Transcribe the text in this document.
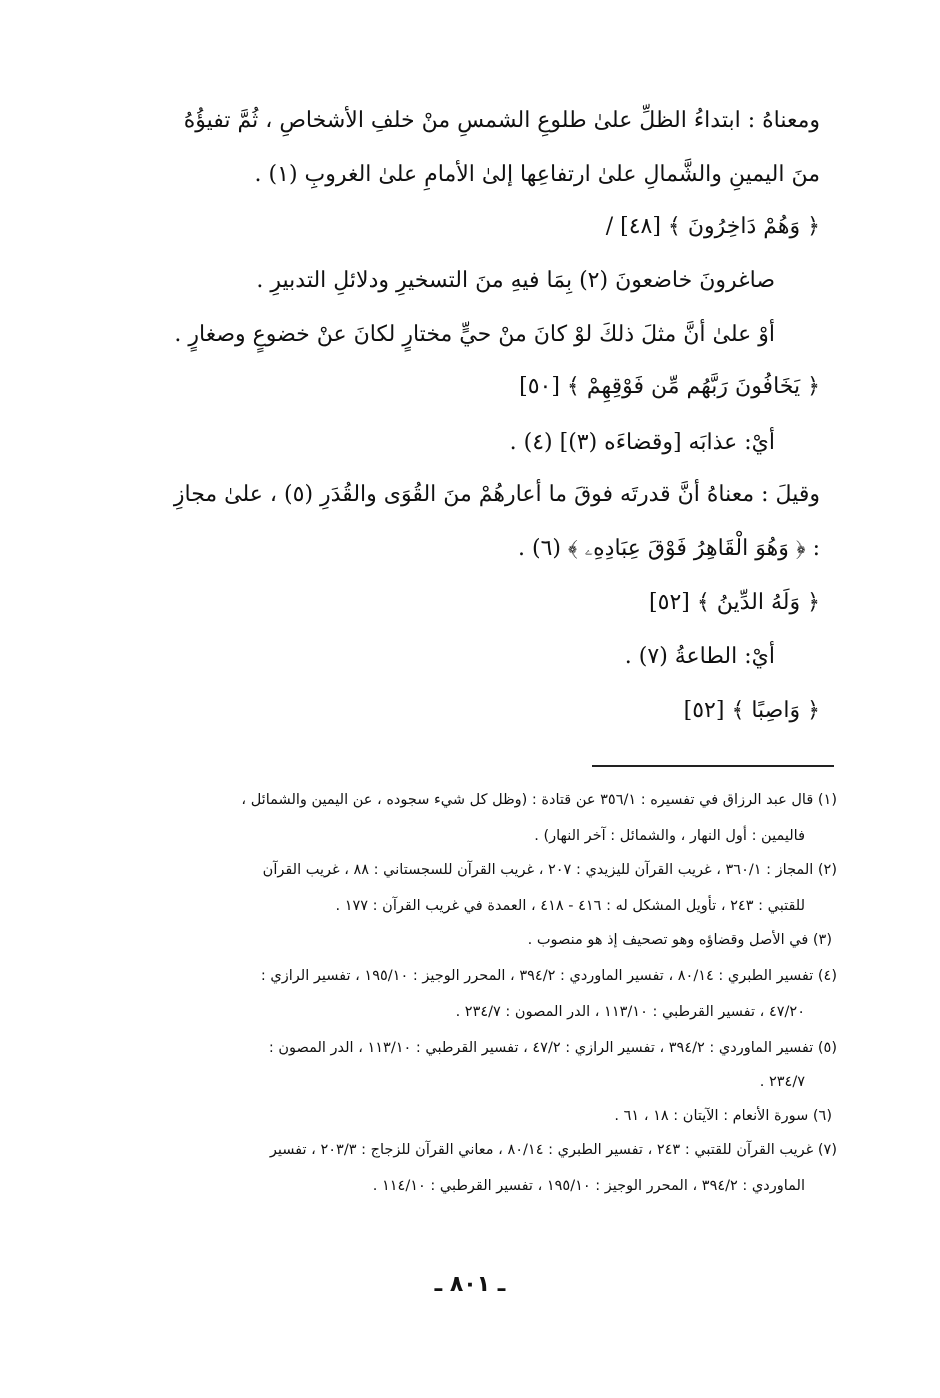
ومعناهُ : ابتداءُ الظلِّ علىٰ طلوعِ الشمسِ منْ خلفِ الأشخاصِ ، ثُمَّ تفيؤُهُ
منَ اليمينِ والشَّمالِ علىٰ ارتفاعِها إلىٰ الأمامِ علىٰ الغروبِ (١) .
﴿ وَهُمْ دَاخِرُونَ ﴾ [٤٨] /
صاغرونَ خاضعونَ (٢) بِمَا فيهِ منَ التسخيرِ ودلائلِ التدبيرِ .
أوْ علىٰ أنَّ مثلَ ذلكَ لوْ كانَ منْ حيٍّ مختارٍ لكانَ عنْ خضوعٍ وصغارٍ .
﴿ يَخَافُونَ رَبَّهُم مِّن فَوْقِهِمْ ﴾ [٥٠]
أيْ: عذابَه [وقضاءَه (٣)] (٤) .
وقيلَ : معناهُ أنَّ قدرتَه فوقَ ما أعارهُمْ منَ القُوَى والقُدَرِ (٥) ، علىٰ مجازِ
: ﴿ وَهُوَ الْقَاهِرُ فَوْقَ عِبَادِهِۦ ﴾ (٦) .
﴿ وَلَهُ الدِّينُ ﴾ [٥٢]
أيْ: الطاعةُ (٧) .
﴿ وَاصِبًا ﴾ [٥٢]
(١) قال عبد الرزاق في تفسيره : ٣٥٦/١ عن قتادة : (وظل كل شيء سجوده ، عن اليمين والشمائل ،
فاليمين : أول النهار ، والشمائل : آخر النهار) .
(٢) المجاز : ٣٦٠/١ ، غريب القرآن لليزيدي : ٢٠٧ ، غريب القرآن للسجستاني : ٨٨ ، غريب القرآن
للقتبي : ٢٤٣ ، تأويل المشكل له : ٤١٦ - ٤١٨ ، العمدة في غريب القرآن : ١٧٧ .
(٣) في الأصل وقضاؤه وهو تصحيف إذ هو منصوب .
(٤) تفسير الطبري : ٨٠/١٤ ، تفسير الماوردي : ٣٩٤/٢ ، المحرر الوجيز : ١٩٥/١٠ ، تفسير الرازي :
٤٧/٢٠ ، تفسير القرطبي : ١١٣/١٠ ، الدر المصون : ٢٣٤/٧ .
(٥) تفسير الماوردي : ٣٩٤/٢ ، تفسير الرازي : ٤٧/٢ ، تفسير القرطبي : ١١٣/١٠ ، الدر المصون :
٢٣٤/٧ .
(٦) سورة الأنعام : الآيتان : ١٨ ، ٦١ .
(٧) غريب القرآن للقتبي : ٢٤٣ ، تفسير الطبري : ٨٠/١٤ ، معاني القرآن للزجاج : ٢٠٣/٣ ، تفسير
الماوردي : ٣٩٤/٢ ، المحرر الوجيز : ١٩٥/١٠ ، تفسير القرطبي : ١١٤/١٠ .
ـ ٨٠١ ـ
